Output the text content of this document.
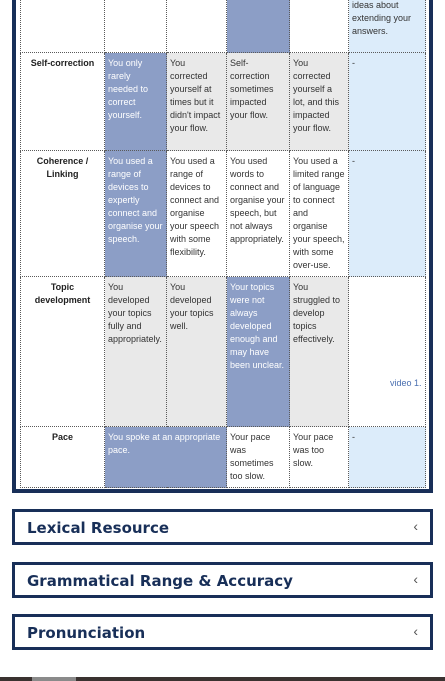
					ideas about extending your answers.
Self-correction	You only rarely needed to correct yourself.	You corrected yourself at times but it didn't impact your flow.	Self-correction sometimes impacted your flow.	You corrected yourself a lot, and this impacted your flow.	-
Coherence / Linking	You used a range of devices to expertly connect and organise your speech.	You used a range of devices to connect and organise your speech with some flexibility.	You used words to connect and organise your speech, but not always appropriately.	You used a limited range of language to connect and organise your speech, with some over-use.	-
Topic development	You developed your topics fully and appropriately.	You developed your topics well.	Your topics were not always developed enough and may have been unclear.	You struggled to develop topics effectively.	video 1.

Pace	You spoke at an appropriate pace.		Your pace was sometimes too slow.	Your pace was too slow.	-
Lexical Resource	‹
Grammatical Range & Accuracy	‹
Pronunciation	‹
